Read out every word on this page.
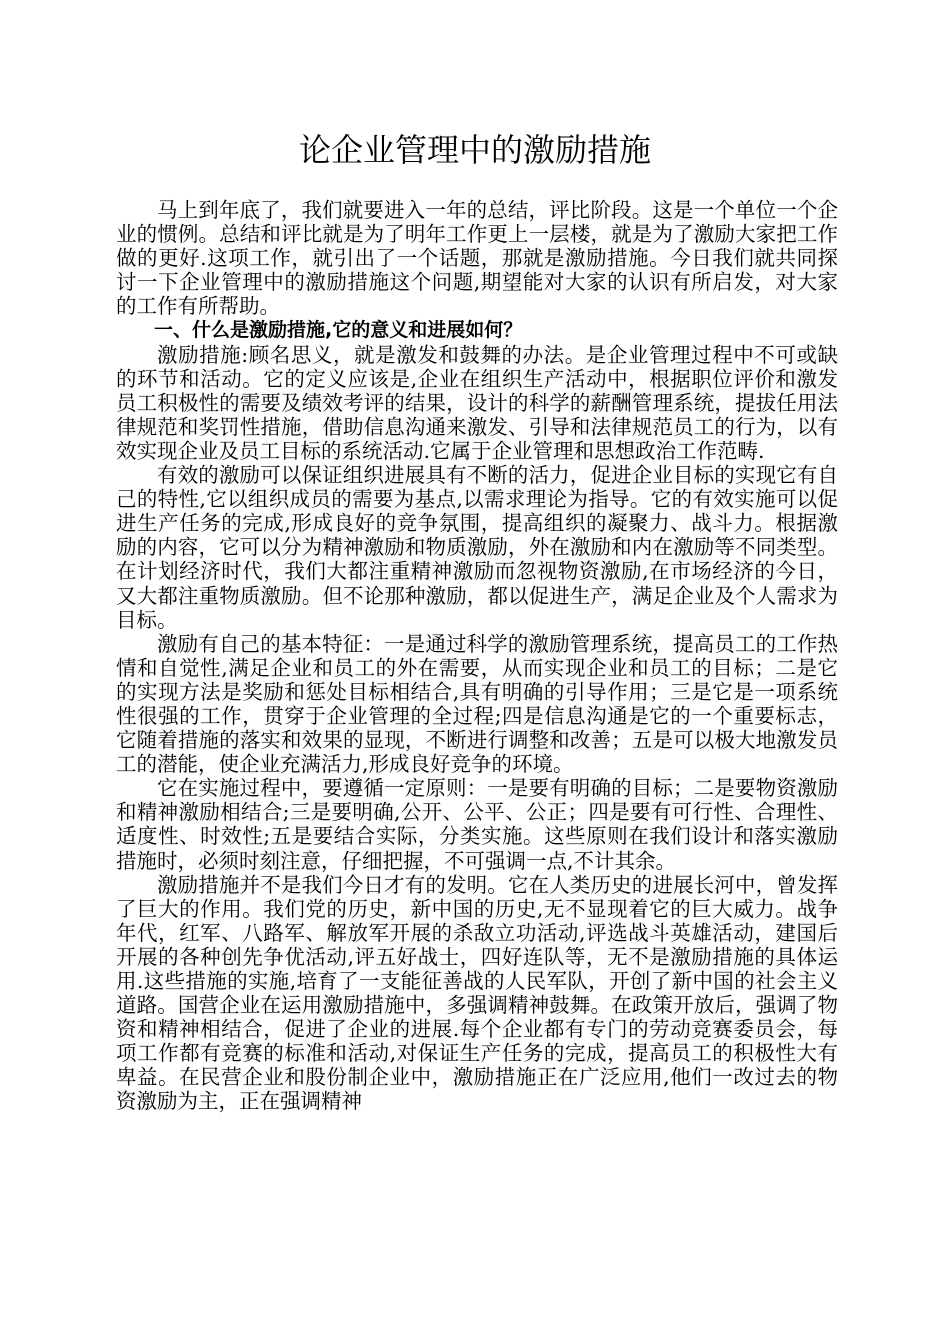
论企业管理中的激励措施

马上到年底了，我们就要进入一年的总结，评比阶段。这是一个单位一个企业的惯例。总结和评比就是为了明年工作更上一层楼，就是为了激励大家把工作做的更好.这项工作，就引出了一个话题，那就是激励措施。今日我们就共同探讨一下企业管理中的激励措施这个问题,期望能对大家的认识有所启发，对大家的工作有所帮助。

一、什么是激励措施,它的意义和进展如何？

激励措施:顾名思义，就是激发和鼓舞的办法。是企业管理过程中不可或缺的环节和活动。它的定义应该是,企业在组织生产活动中，根据职位评价和激发员工积极性的需要及绩效考评的结果，设计的科学的薪酬管理系统，提拔任用法律规范和奖罚性措施，借助信息沟通来激发、引导和法律规范员工的行为，以有效实现企业及员工目标的系统活动.它属于企业管理和思想政治工作范畴.

有效的激励可以保证组织进展具有不断的活力，促进企业目标的实现它有自己的特性,它以组织成员的需要为基点,以需求理论为指导。它的有效实施可以促进生产任务的完成,形成良好的竞争氛围，提高组织的凝聚力、战斗力。根据激励的内容，它可以分为精神激励和物质激励，外在激励和内在激励等不同类型。在计划经济时代，我们大都注重精神激励而忽视物资激励,在市场经济的今日，又大都注重物质激励。但不论那种激励，都以促进生产，满足企业及个人需求为目标。

激励有自己的基本特征：一是通过科学的激励管理系统，提高员工的工作热情和自觉性,满足企业和员工的外在需要，从而实现企业和员工的目标；二是它的实现方法是奖励和惩处目标相结合,具有明确的引导作用；三是它是一项系统性很强的工作，贯穿于企业管理的全过程;四是信息沟通是它的一个重要标志，它随着措施的落实和效果的显现，不断进行调整和改善；五是可以极大地激发员工的潜能，使企业充满活力,形成良好竞争的环境。

它在实施过程中，要遵循一定原则：一是要有明确的目标；二是要物资激励和精神激励相结合;三是要明确,公开、公平、公正；四是要有可行性、合理性、适度性、时效性;五是要结合实际，分类实施。这些原则在我们设计和落实激励措施时，必须时刻注意，仔细把握，不可强调一点,不计其余。

激励措施并不是我们今日才有的发明。它在人类历史的进展长河中，曾发挥了巨大的作用。我们党的历史，新中国的历史,无不显现着它的巨大威力。战争年代，红军、八路军、解放军开展的杀敌立功活动,评选战斗英雄活动，建国后开展的各种创先争优活动,评五好战士，四好连队等，无不是激励措施的具体运用.这些措施的实施,培育了一支能征善战的人民军队，开创了新中国的社会主义道路。国营企业在运用激励措施中，多强调精神鼓舞。在政策开放后，强调了物资和精神相结合，促进了企业的进展.每个企业都有专门的劳动竞赛委员会，每项工作都有竞赛的标准和活动,对保证生产任务的完成，提高员工的积极性大有卑益。在民营企业和股份制企业中，激励措施正在广泛应用,他们一改过去的物资激励为主，正在强调精神
